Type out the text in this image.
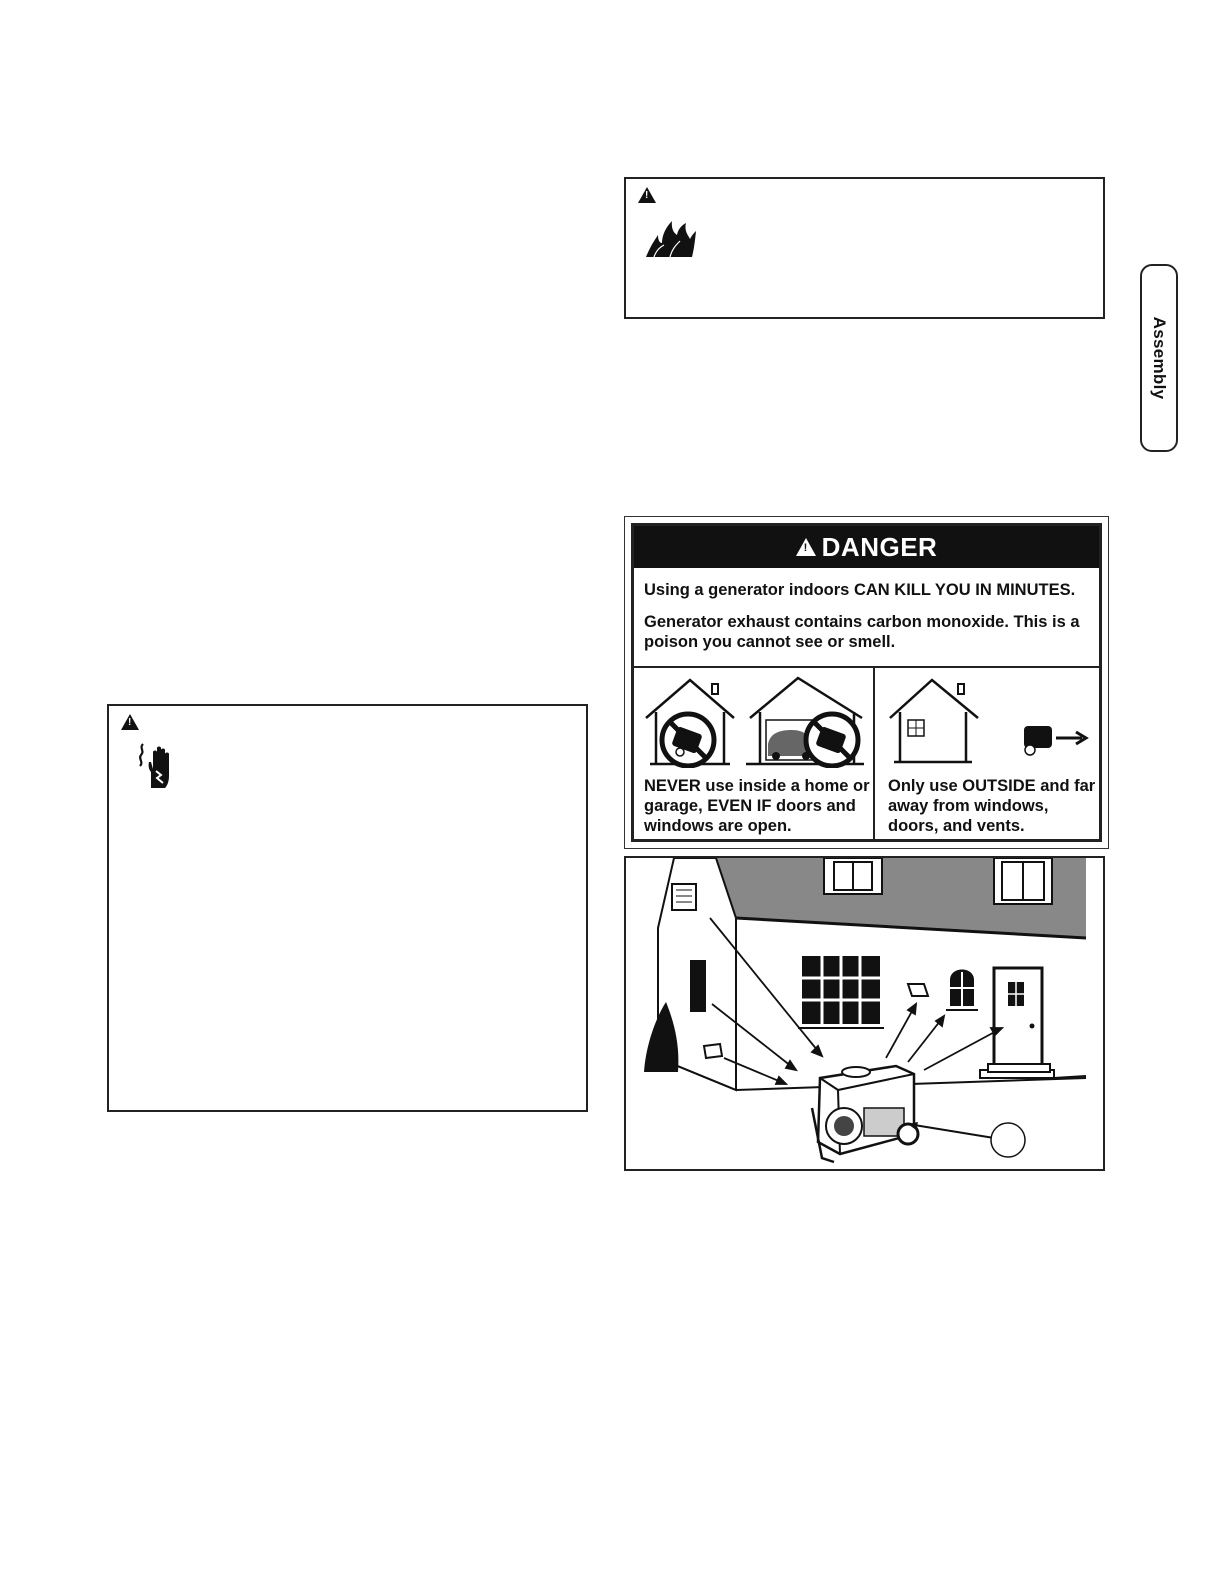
Assembly
!
!
!
DANGER

Using a generator indoors CAN KILL YOU IN MINUTES.

Generator exhaust contains carbon monoxide. This is a poison you cannot see or smell.

NEVER use inside a home or garage, EVEN IF doors and windows are open.
Only use OUTSIDE and far away from windows, doors, and vents.
